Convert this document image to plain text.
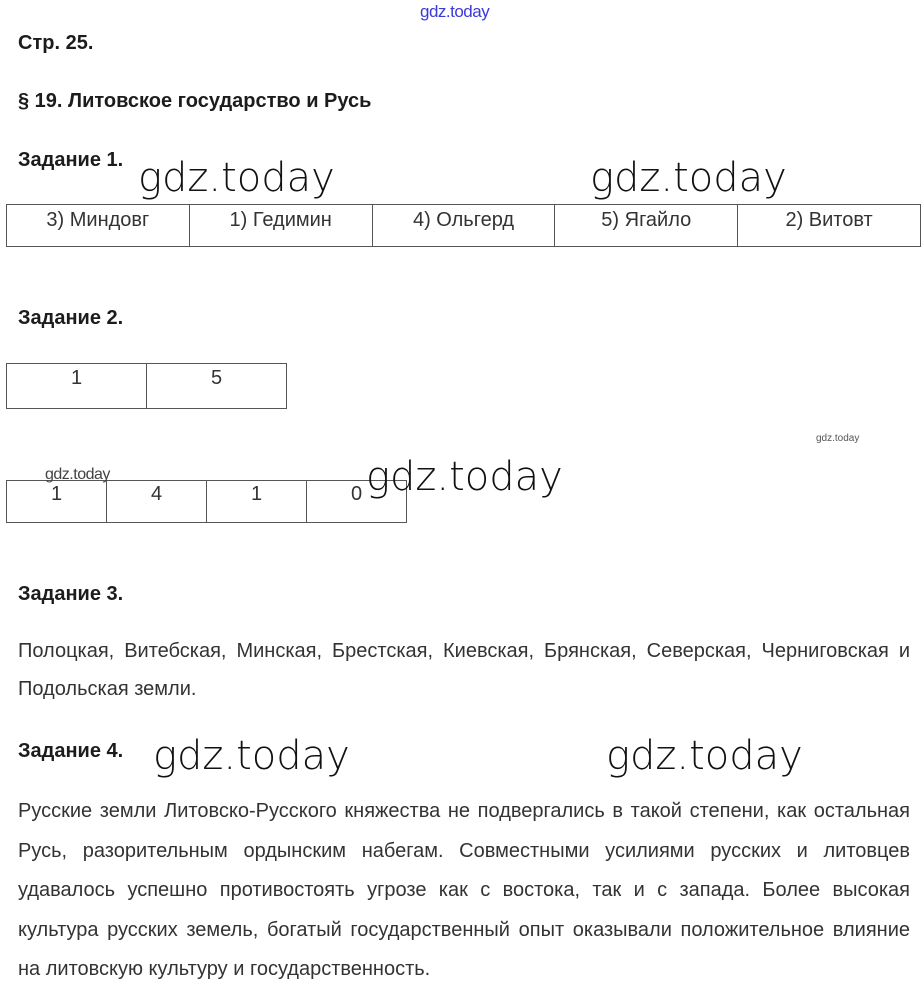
gdz.today
Стр. 25.
§ 19. Литовское государство и Русь
Задание 1. gdz.today	gdz.today
3) Миндовг	1) Гедимин	4) Ольгерд	5) Ягайло	2) Витовт
Задание 2.
1	5
gdz.today
1	4	1	0
gdz.today	gdz.today
Задание 3.
Полоцкая, Витебская, Минская, Брестская, Киевская, Брянская, Северская, Черниговская и Подольская земли.
Задание 4. gdz.today	gdz.today
Русские земли Литовско-Русского княжества не подвергались в такой степени, как остальная Русь, разорительным ордынским набегам. Совместными усилиями русских и литовцев удавалось успешно противостоять угрозе как с востока, так и с запада. Более высокая культура русских земель, богатый государственный опыт оказывали положительное влияние на литовскую культуру и государственность.
